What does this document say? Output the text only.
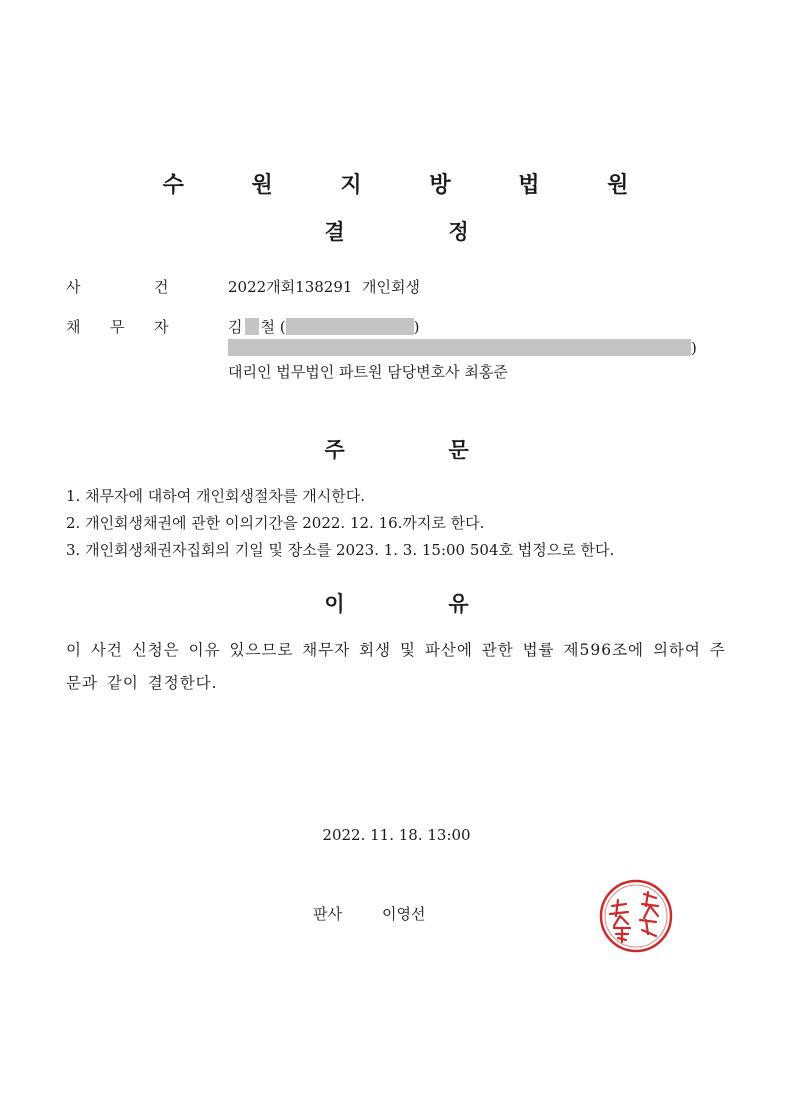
수 원 지 방 법 원
결	정
사	건	2022개회138291 개인회생
채 무 자	김 철 (	)
)
대리인 법무법인 파트원 담당변호사 최홍준
주	문
1. 채무자에 대하여 개인회생절차를 개시한다.
2. 개인회생채권에 관한 이의기간을 2022. 12. 16.까지로 한다.
3. 개인회생채권자집회의 기일 및 장소를 2023. 1. 3. 15:00 504호 법정으로 한다.
이	유
이 사건 신청은 이유 있으므로 채무자 회생 및 파산에 관한 법률 제596조에 의하여 주문과 같이 결정한다.
2022. 11. 18. 13:00
판사	이영선
